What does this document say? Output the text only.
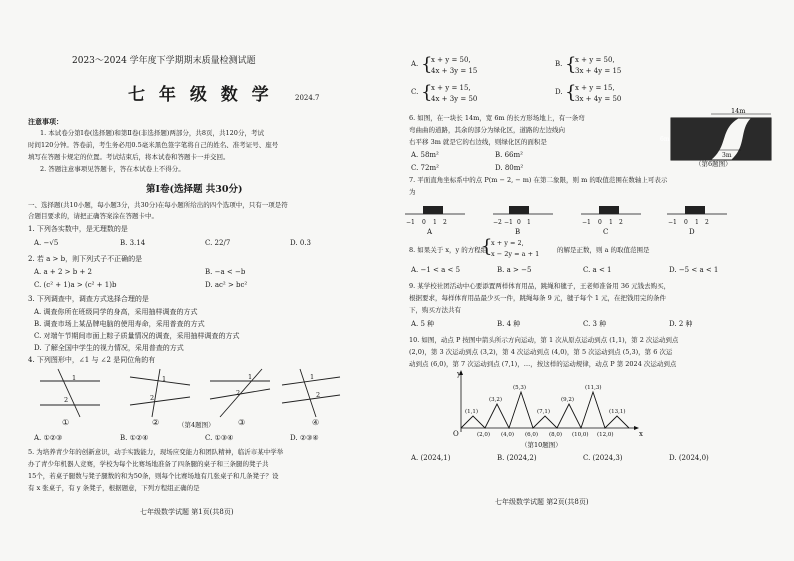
2023～2024 学年度下学期期末质量检测试题
七 年 级 数 学	2024.7
注意事项：
1. 本试卷分第Ⅰ卷(选择题)和第Ⅱ卷(非选择题)两部分，共8页，共120分，考试
时间120分钟。答卷前，考生务必用0.5毫米黑色签字笔将自己的姓名、准考证号、座号
填写在答题卡规定的位置。考试结束后，将本试卷和答题卡一并交回。
2. 答题注意事项见答题卡，答在本试卷上不得分。
第Ⅰ卷(选择题 共30分)
一、选择题(共10小题，每小题3分，共30分)在每小题所给出的四个选项中，只有一项是符
合题目要求的，请把正确答案涂在答题卡中。
1. 下列各实数中，是无理数的是
A. −√5	B. 3.14	C. 22/7	D. 0.3
2. 若 a > b，则下列式子不正确的是
A. a + 2 > b + 2	B. −a < −b
C. (c² + 1)a > (c² + 1)b	D. ac² > bc²
3. 下列调查中，调查方式选择合理的是
A. 调查你所在班级同学的身高，采用抽样调查的方式
B. 调查市场上某品牌电脑的使用寿命，采用普查的方式
C. 对端午节期间市面上粽子质量情况的调查，采用抽样调查的方式
D. 了解全国中学生的视力情况，采用普查的方式
4. 下列图形中，∠1 与 ∠2 是同位角的有
1
2
1
2
1
2
1
2
①	②	③	④
（第4题图）
A. ①②③	B. ①②④	C. ①③④	D. ②③④
5. 为培养青少年的创新意识，动手实践能力，现场应变能力和团队精神，临沂市某中学举
办了青少年机器人竞赛，学校为每个比赛场地准备了四条腿的桌子和三条腿的凳子共
15个，若桌子腿数与凳子腿数的和为50条，则每个比赛场地有几张桌子和几条凳子？设
有 x 张桌子，有 y 条凳子，根据题意，下列方程组正确的是
七年级数学试题 第1页(共8页)
A. {
x + y = 50,
4x + 3y = 15
B. {
x + y = 50,
3x + 4y = 15
C. {
x + y = 15,
4x + 3y = 50
D. {
x + y = 15,
3x + 4y = 50
6. 如图，在一块长 14m，宽 6m 的长方形场地上，有一条弯
弯曲曲的道路，其余的部分为绿化区，道路的左边线向
右平移 3m 就是它的右边线，则绿化区的面积是
A. 58m²	B. 66m²
C. 72m²	D. 80m²
14m
6m
3m
（第6题图）
7. 平面直角坐标系中的点 P(m − 2, − m) 在第二象限，则 m 的取值范围在数轴上可表示
为
−1 0 1 2	−2 −1 0 1	−1 0 1 2	−1 0 1 2
A	B	C	D
8. 如果关于 x，y 的方程组
{
x + y = 2,
x − 2y = a + 1	的解是正数，则 a 的取值范围是
A. −1 < a < 5	B. a > −5	C. a < 1	D. −5 < a < 1
9. 某学校社团活动中心要添置两样体育用品，跳绳和毽子，王老师准备用 36 元钱去购买，
根据要求，每样体育用品最少买一件，跳绳每条 9 元，毽子每个 1 元，在把钱用完的条件
下，购买方法共有
A. 5 种	B. 4 种	C. 3 种	D. 2 种
10. 如图，动点 P 按图中箭头所示方向运动，第 1 次从原点运动到点 (1,1)，第 2 次运动到点
(2,0)，第 3 次运动到点 (3,2)，第 4 次运动到点 (4,0)，第 5 次运动到点 (5,3)，第 6 次运
动到点 (6,0)，第 7 次运动到点 (7,1)，…，按这样的运动规律，动点 P 第 2024 次运动到点
y
x
O
(1,1)
(3,2)
(5,3)
(7,1)
(9,2)
(11,3)
(13,1)
(2,0) (4,0) (6,0) (8,0) (10,0) (12,0)
（第10题图）
A. (2024,1)	B. (2024,2)	C. (2024,3)	D. (2024,0)
七年级数学试题 第2页(共8页)
